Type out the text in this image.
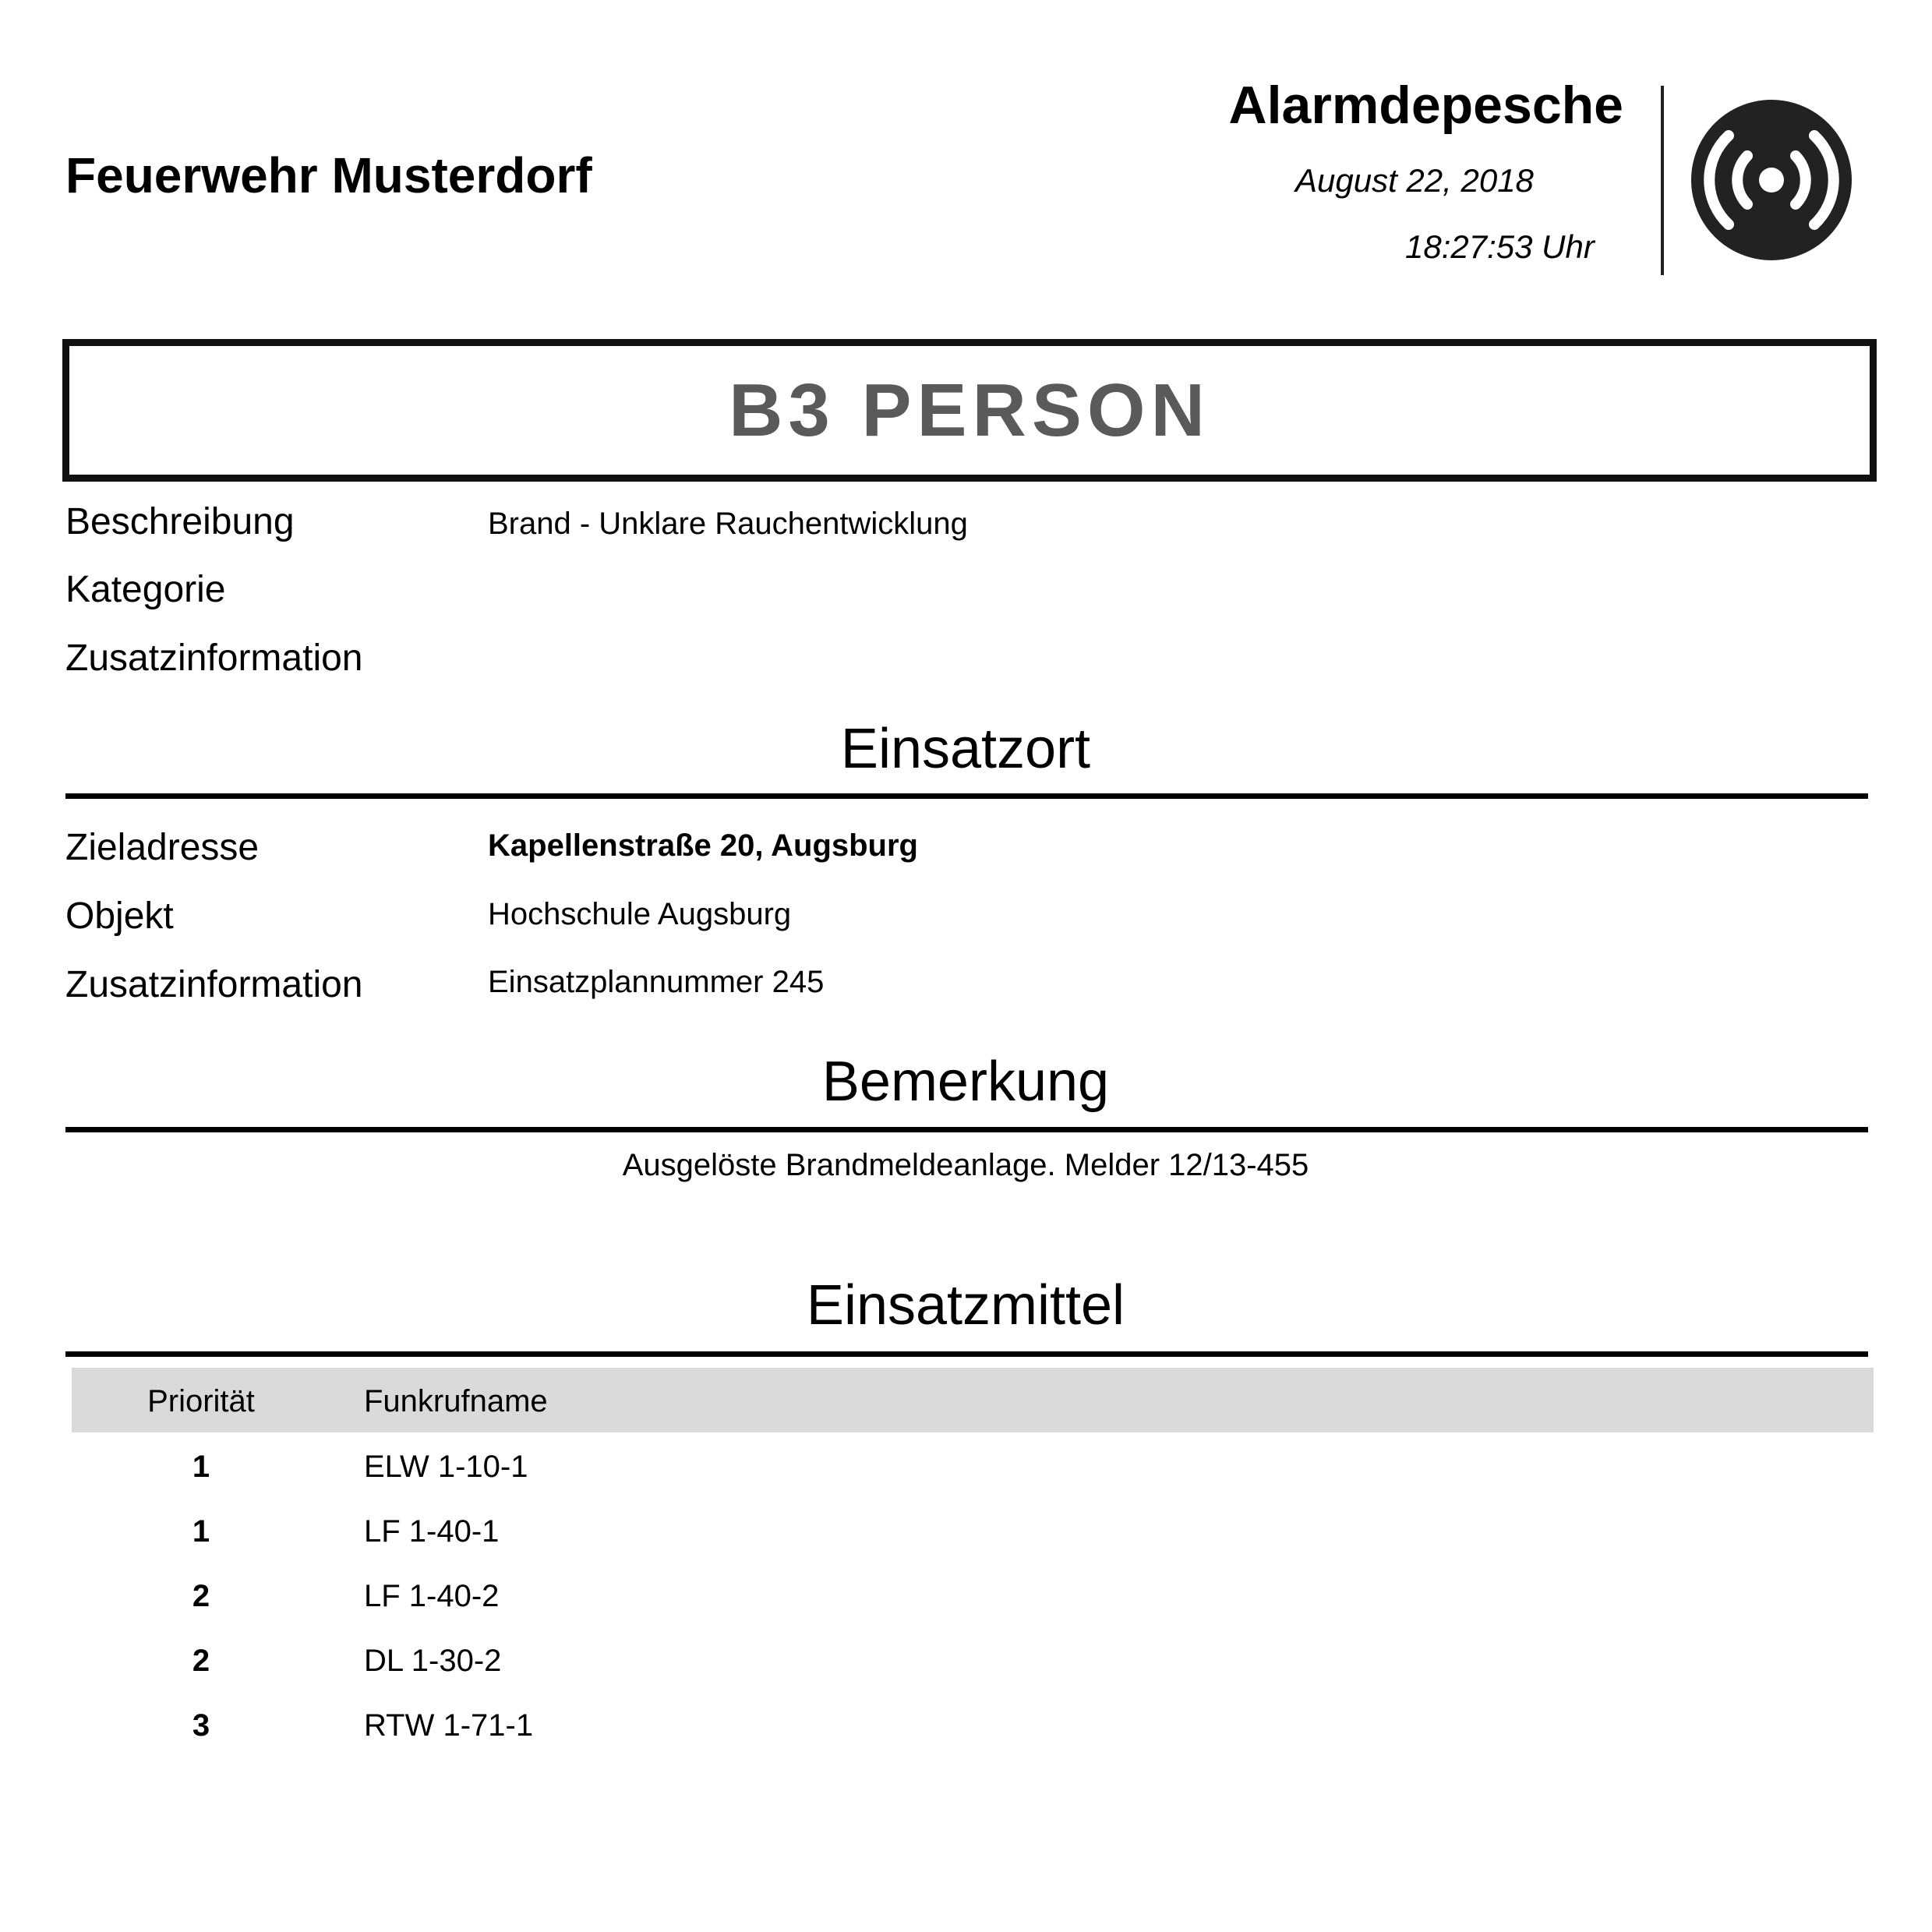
Feuerwehr Musterdorf
Alarmdepesche
August 22, 2018
18:27:53 Uhr
B3 PERSON
Beschreibung	Brand - Unklare Rauchentwicklung
Kategorie
Zusatzinformation
Einsatzort
Zieladresse	Kapellenstraße 20, Augsburg
Objekt	Hochschule Augsburg
Zusatzinformation	Einsatzplannummer 245
Bemerkung
Ausgelöste Brandmeldeanlage. Melder 12/13-455
Einsatzmittel
Priorität	Funkrufname
1	ELW 1-10-1
1	LF 1-40-1
2	LF 1-40-2
2	DL 1-30-2
3	RTW 1-71-1
